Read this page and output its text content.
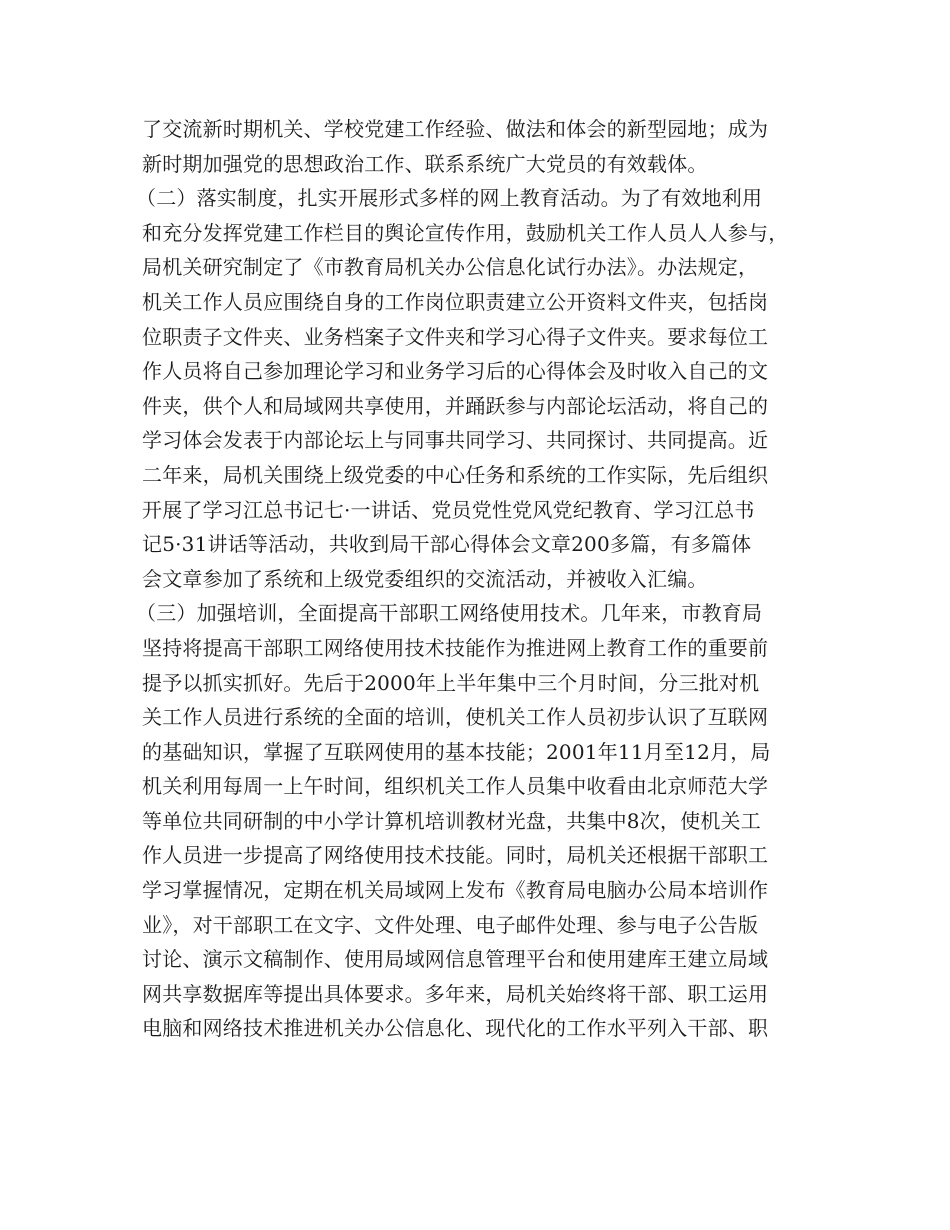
了交流新时期机关、学校党建工作经验、做法和体会的新型园地；成为
新时期加强党的思想政治工作、联系系统广大党员的有效载体。
（二）落实制度，扎实开展形式多样的网上教育活动。为了有效地利用
和充分发挥党建工作栏目的舆论宣传作用，鼓励机关工作人员人人参与，
局机关研究制定了《市教育局机关办公信息化试行办法》。办法规定，
机关工作人员应围绕自身的工作岗位职责建立公开资料文件夹，包括岗
位职责子文件夹、业务档案子文件夹和学习心得子文件夹。要求每位工
作人员将自己参加理论学习和业务学习后的心得体会及时收入自己的文
件夹，供个人和局域网共享使用，并踊跃参与内部论坛活动，将自己的
学习体会发表于内部论坛上与同事共同学习、共同探讨、共同提高。近
二年来，局机关围绕上级党委的中心任务和系统的工作实际，先后组织
开展了学习江总书记七·一讲话、党员党性党风党纪教育、学习江总书
记5·31讲话等活动，共收到局干部心得体会文章200多篇，有多篇体
会文章参加了系统和上级党委组织的交流活动，并被收入汇编。
（三）加强培训，全面提高干部职工网络使用技术。几年来，市教育局
坚持将提高干部职工网络使用技术技能作为推进网上教育工作的重要前
提予以抓实抓好。先后于2000年上半年集中三个月时间，分三批对机
关工作人员进行系统的全面的培训，使机关工作人员初步认识了互联网
的基础知识，掌握了互联网使用的基本技能；2001年11月至12月，局
机关利用每周一上午时间，组织机关工作人员集中收看由北京师范大学
等单位共同研制的中小学计算机培训教材光盘，共集中8次，使机关工
作人员进一步提高了网络使用技术技能。同时，局机关还根据干部职工
学习掌握情况，定期在机关局域网上发布《教育局电脑办公局本培训作
业》，对干部职工在文字、文件处理、电子邮件处理、参与电子公告版
讨论、演示文稿制作、使用局域网信息管理平台和使用建库王建立局域
网共享数据库等提出具体要求。多年来，局机关始终将干部、职工运用
电脑和网络技术推进机关办公信息化、现代化的工作水平列入干部、职
